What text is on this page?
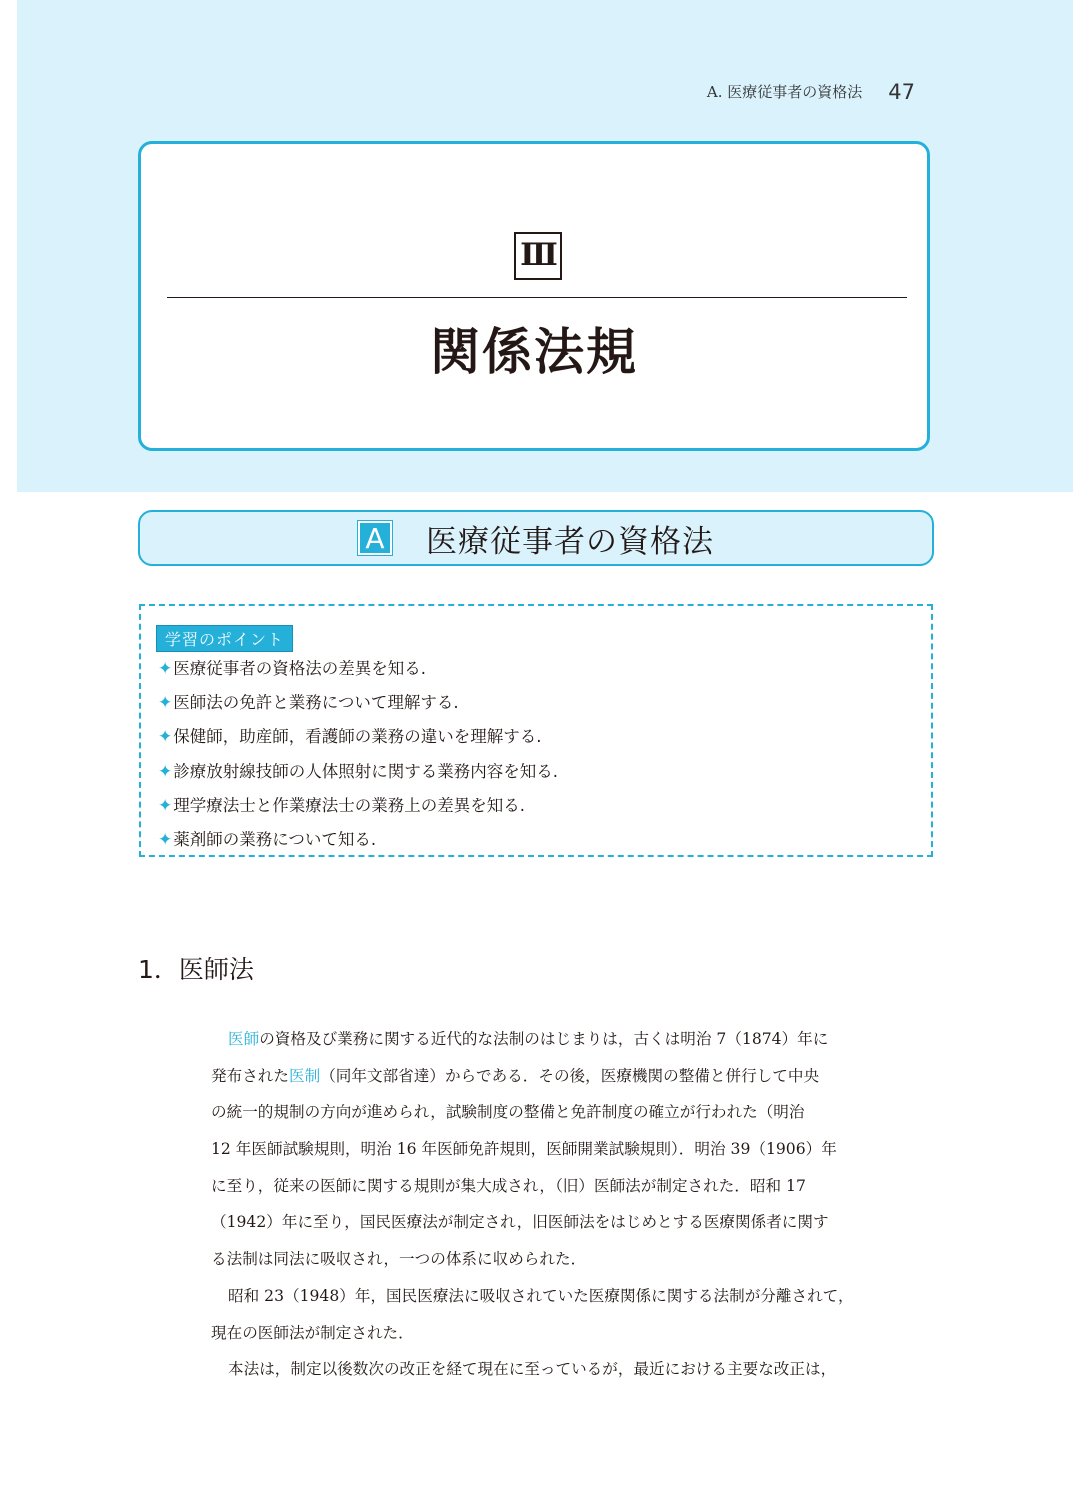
A. 医療従事者の資格法 47
Ⅲ
関係法規
A 医療従事者の資格法
学習のポイント
✦医療従事者の資格法の差異を知る.
✦医師法の免許と業務について理解する.
✦保健師，助産師，看護師の業務の違いを理解する.
✦診療放射線技師の人体照射に関する業務内容を知る.
✦理学療法士と作業療法士の業務上の差異を知る.
✦薬剤師の業務について知る.
1．医師法
医師の資格及び業務に関する近代的な法制のはじまりは，古くは明治 7（1874）年に
発布された医制（同年文部省達）からである．その後，医療機関の整備と併行して中央
の統一的規制の方向が進められ，試験制度の整備と免許制度の確立が行われた（明治
12 年医師試験規則，明治 16 年医師免許規則，医師開業試験規則）．明治 39（1906）年
に至り，従来の医師に関する規則が集大成され，（旧）医師法が制定された．昭和 17
（1942）年に至り，国民医療法が制定され，旧医師法をはじめとする医療関係者に関す
る法制は同法に吸収され，一つの体系に収められた．
昭和 23（1948）年，国民医療法に吸収されていた医療関係に関する法制が分離されて，
現在の医師法が制定された．
本法は，制定以後数次の改正を経て現在に至っているが，最近における主要な改正は，
